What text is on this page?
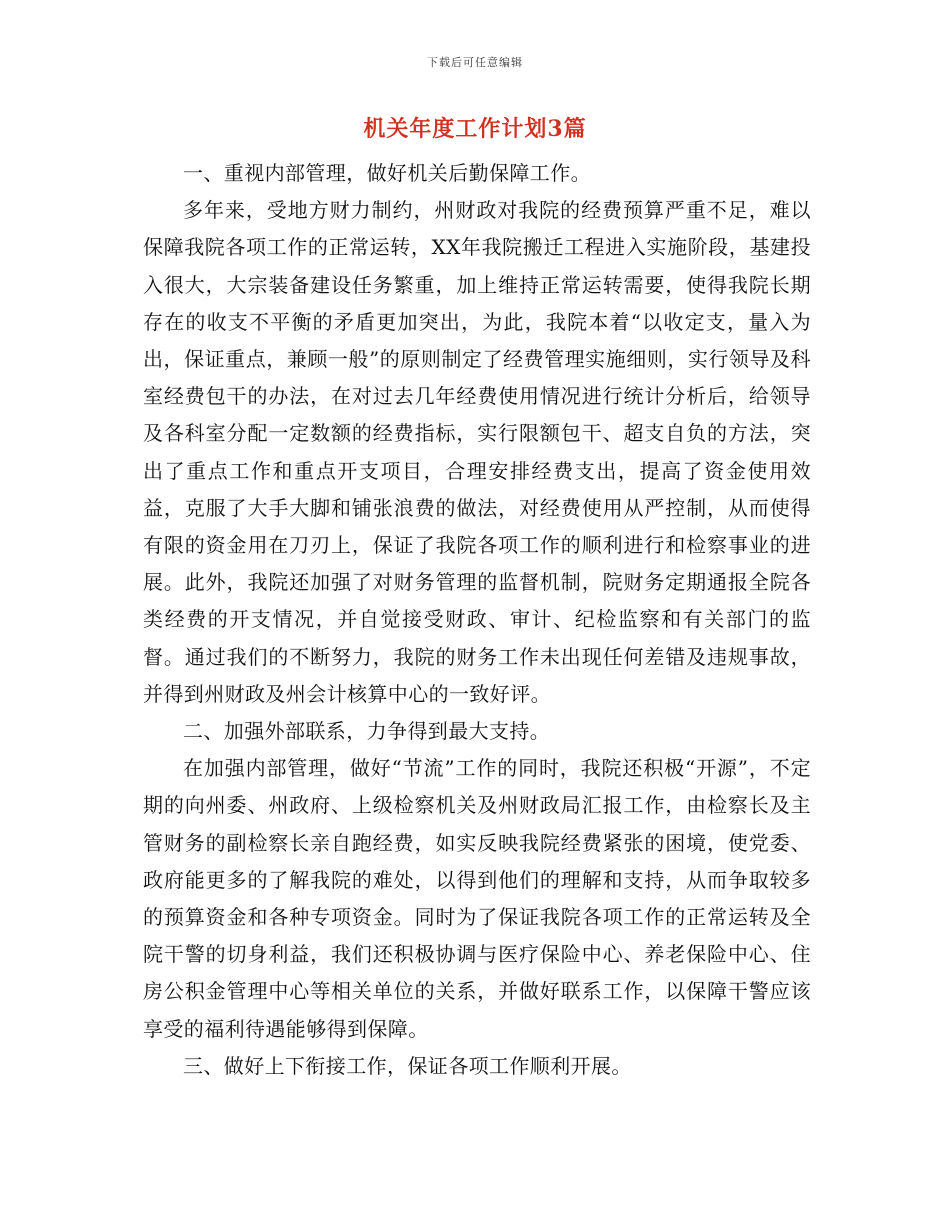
下载后可任意编辑
机关年度工作计划3篇

一、重视内部管理，做好机关后勤保障工作。

多年来，受地方财力制约，州财政对我院的经费预算严重不足，难以保障我院各项工作的正常运转，XX年我院搬迁工程进入实施阶段，基建投入很大，大宗装备建设任务繁重，加上维持正常运转需要，使得我院长期存在的收支不平衡的矛盾更加突出，为此，我院本着“以收定支，量入为出，保证重点，兼顾一般”的原则制定了经费管理实施细则，实行领导及科室经费包干的办法，在对过去几年经费使用情况进行统计分析后，给领导及各科室分配一定数额的经费指标，实行限额包干、超支自负的方法，突出了重点工作和重点开支项目，合理安排经费支出，提高了资金使用效益，克服了大手大脚和铺张浪费的做法，对经费使用从严控制，从而使得有限的资金用在刀刃上，保证了我院各项工作的顺利进行和检察事业的进展。此外，我院还加强了对财务管理的监督机制，院财务定期通报全院各类经费的开支情况，并自觉接受财政、审计、纪检监察和有关部门的监督。通过我们的不断努力，我院的财务工作未出现任何差错及违规事故，并得到州财政及州会计核算中心的一致好评。

二、加强外部联系，力争得到最大支持。

在加强内部管理，做好“节流”工作的同时，我院还积极“开源”，不定期的向州委、州政府、上级检察机关及州财政局汇报工作，由检察长及主管财务的副检察长亲自跑经费，如实反映我院经费紧张的困境，使党委、政府能更多的了解我院的难处，以得到他们的理解和支持，从而争取较多的预算资金和各种专项资金。同时为了保证我院各项工作的正常运转及全院干警的切身利益，我们还积极协调与医疗保险中心、养老保险中心、住房公积金管理中心等相关单位的关系，并做好联系工作，以保障干警应该享受的福利待遇能够得到保障。

三、做好上下衔接工作，保证各项工作顺利开展。
